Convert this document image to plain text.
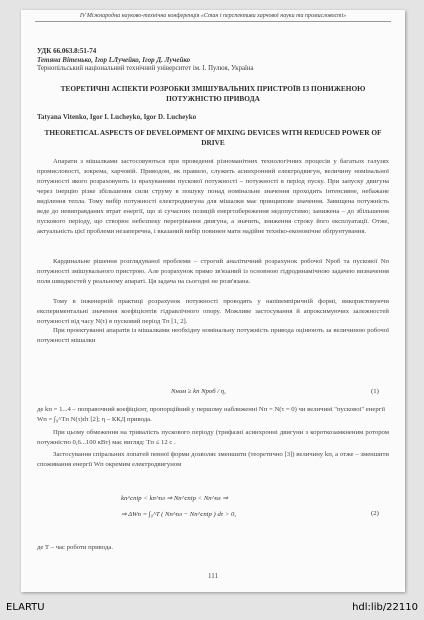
IV Міжнародна науково-технічна конференція «Стан і перспективи харчової науки та промисловості»
УДК 66.063.8:51-74
Тетяна Вітенько, Ігор І.Лучейко, Ігор Д. Лучейко
Тернопільський національний технічний університет ім. І. Пулюя, Україна
ТЕОРЕТИЧНІ АСПЕКТИ РОЗРОБКИ ЗМІШУВАЛЬНИХ ПРИСТРОЇВ ІЗ ПОНИЖЕНОЮ ПОТУЖНІСТЮ ПРИВОДА
Tatyana Vitenko, Igor I. Lucheyko, Igor D. Lucheyko
THEORETICAL ASPECTS OF DEVELOPMENT OF MIXING DEVICES WITH REDUCED POWER OF DRIVE

Апарати з мішалками застосовуються при проведенні різноманітних технологічних процесів у багатьох галузях промисловості, зокрема, харчовій. Приводом, як правило, служить асинхронний електродвигун, величину номінальної потужності якого розраховують із врахуванням пускової потужності – потужності в період пуску. При запуску двигуна через інерцію різке збільшення сили струму в пошуку понад номінальне значення проходить інтенсивне, небажане виділення тепла. Тому вибір потужності електродвигуна для мішалки має принципове значення. Завищена потужність веде до невиправданих втрат енергії, що зі сучасних позицій енергозбереження недопустимо; занижена – до збільшення пускового періоду, що створює небезпеку перегрівання двигуна, а значить, зниження строку його експлуатації. Отже, актуальність цієї проблеми незаперечна, і вказаний вибір повинен мати надійне техніко-економічне обґрунтування.

Кардинальне рішення розглядуваної проблеми – строгий аналітичний розрахунок робочої Nроб та пускової Nп потужності змішувального пристрою. Але розрахунок прямо зв'язаний із основною гідродинамічною задачею визначення поля швидкостей у реальному апараті. Ця задача на сьогодні не розв'язана.

Тому в інженерній практиці розрахунок потужності проводять у напівемпіричній формі, використовуючи експериментальні значення коефіцієнтів гідравлічного опору. Можливе застосування й апроксимуючих залежностей потужності від часу N(τ) в пусковий період Tп [1, 2].

При проектуванні апаратів із мішалками необхідну номінальну потужність привода оцінюють за величиною робочої потужності мішалки

Nном ≥ kп Nроб / η,	(1)

де kп = 1...4 – поправочний коефіцієнт, пропорційний у першому наближенні Nп = N(τ = 0) чи величині "пусковоі" енергії Wп = ∫₀^Tп N(τ)dτ [2]; η – ККД привода.

При цьому обмеження на тривалість пускового періоду (трифазні асинхронні двигуни з короткозамкненим ротором потужністю 0,6...100 кВт) має вигляд: Tп ≤ 12 с .

Застосування спіральних лопатей певної форми дозволяє зменшити (теоретично [3]) величину kп, а отже – зменшити споживання енергії Wп окремим електродвигуном

kп^спір < kп^пл ⇒ Nп^спір < Nп^пл ⇒
⇒ ΔWп = ∫₀^T ( Nп^пл − Nп^спір ) dτ > 0,	(2)
де T – час роботи привода.
111
ELARTU	hdl:lib/22110
